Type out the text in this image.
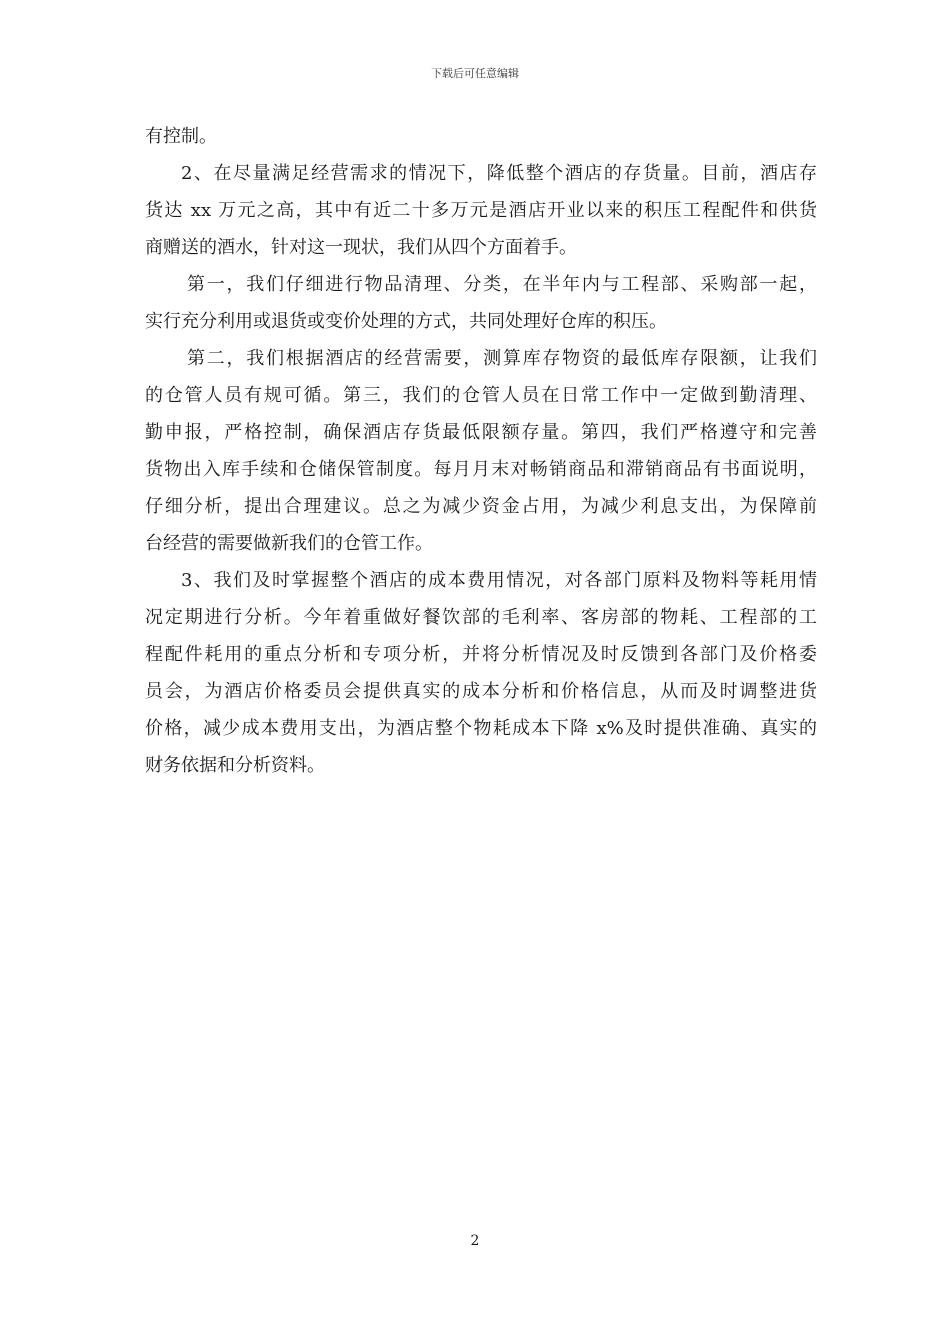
下载后可任意编辑
有控制。
2、在尽量满足经营需求的情况下，降低整个酒店的存货量。目前，酒店存
货达 xx 万元之高，其中有近二十多万元是酒店开业以来的积压工程配件和供货
商赠送的酒水，针对这一现状，我们从四个方面着手。
第一，我们仔细进行物品清理、分类，在半年内与工程部、采购部一起，
实行充分利用或退货或变价处理的方式，共同处理好仓库的积压。
第二，我们根据酒店的经营需要，测算库存物资的最低库存限额，让我们
的仓管人员有规可循。第三，我们的仓管人员在日常工作中一定做到勤清理、
勤申报，严格控制，确保酒店存货最低限额存量。第四，我们严格遵守和完善
货物出入库手续和仓储保管制度。每月月末对畅销商品和滞销商品有书面说明，
仔细分析，提出合理建议。总之为减少资金占用，为减少利息支出，为保障前
台经营的需要做新我们的仓管工作。
3、我们及时掌握整个酒店的成本费用情况，对各部门原料及物料等耗用情
况定期进行分析。今年着重做好餐饮部的毛利率、客房部的物耗、工程部的工
程配件耗用的重点分析和专项分析，并将分析情况及时反馈到各部门及价格委
员会，为酒店价格委员会提供真实的成本分析和价格信息，从而及时调整进货
价格，减少成本费用支出，为酒店整个物耗成本下降 x%及时提供准确、真实的
财务依据和分析资料。
2
